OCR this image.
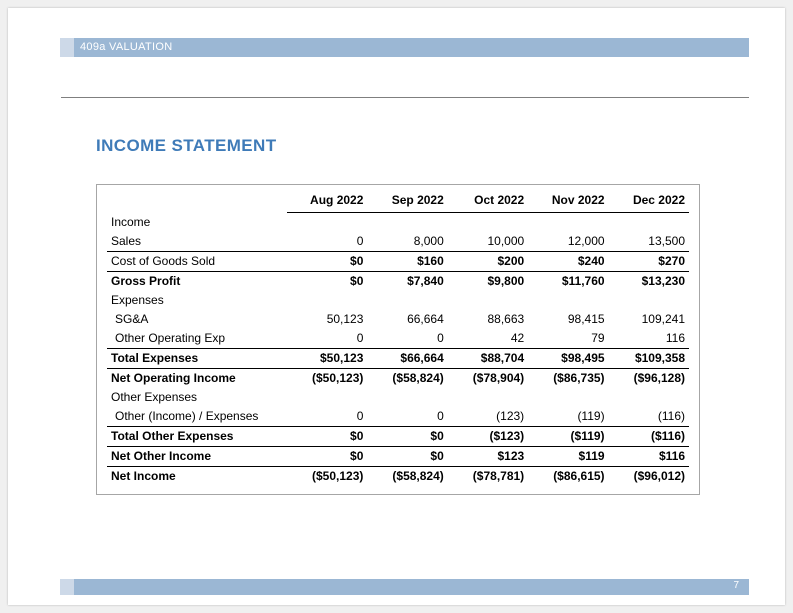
409a VALUATION
INCOME STATEMENT
	Aug 2022	Sep 2022	Oct 2022	Nov 2022	Dec 2022
Income					
Sales	0	8,000	10,000	12,000	13,500
Cost of Goods Sold	$0	$160	$200	$240	$270
Gross Profit	$0	$7,840	$9,800	$11,760	$13,230
Expenses					
SG&A	50,123	66,664	88,663	98,415	109,241
Other Operating Exp	0	0	42	79	116
Total Expenses	$50,123	$66,664	$88,704	$98,495	$109,358
Net Operating Income	($50,123)	($58,824)	($78,904)	($86,735)	($96,128)
Other Expenses					
Other (Income) / Expenses	0	0	(123)	(119)	(116)
Total Other Expenses	$0	$0	($123)	($119)	($116)
Net Other Income	$0	$0	$123	$119	$116
Net Income	($50,123)	($58,824)	($78,781)	($86,615)	($96,012)
7
